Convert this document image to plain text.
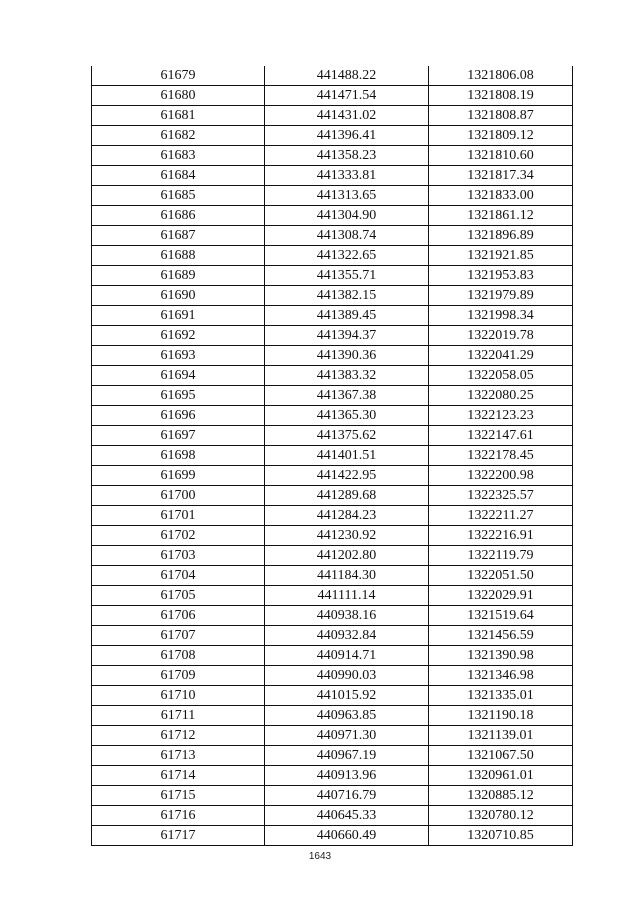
61679	441488.22	1321806.08
61680	441471.54	1321808.19
61681	441431.02	1321808.87
61682	441396.41	1321809.12
61683	441358.23	1321810.60
61684	441333.81	1321817.34
61685	441313.65	1321833.00
61686	441304.90	1321861.12
61687	441308.74	1321896.89
61688	441322.65	1321921.85
61689	441355.71	1321953.83
61690	441382.15	1321979.89
61691	441389.45	1321998.34
61692	441394.37	1322019.78
61693	441390.36	1322041.29
61694	441383.32	1322058.05
61695	441367.38	1322080.25
61696	441365.30	1322123.23
61697	441375.62	1322147.61
61698	441401.51	1322178.45
61699	441422.95	1322200.98
61700	441289.68	1322325.57
61701	441284.23	1322211.27
61702	441230.92	1322216.91
61703	441202.80	1322119.79
61704	441184.30	1322051.50
61705	441111.14	1322029.91
61706	440938.16	1321519.64
61707	440932.84	1321456.59
61708	440914.71	1321390.98
61709	440990.03	1321346.98
61710	441015.92	1321335.01
61711	440963.85	1321190.18
61712	440971.30	1321139.01
61713	440967.19	1321067.50
61714	440913.96	1320961.01
61715	440716.79	1320885.12
61716	440645.33	1320780.12
61717	440660.49	1320710.85
1643
